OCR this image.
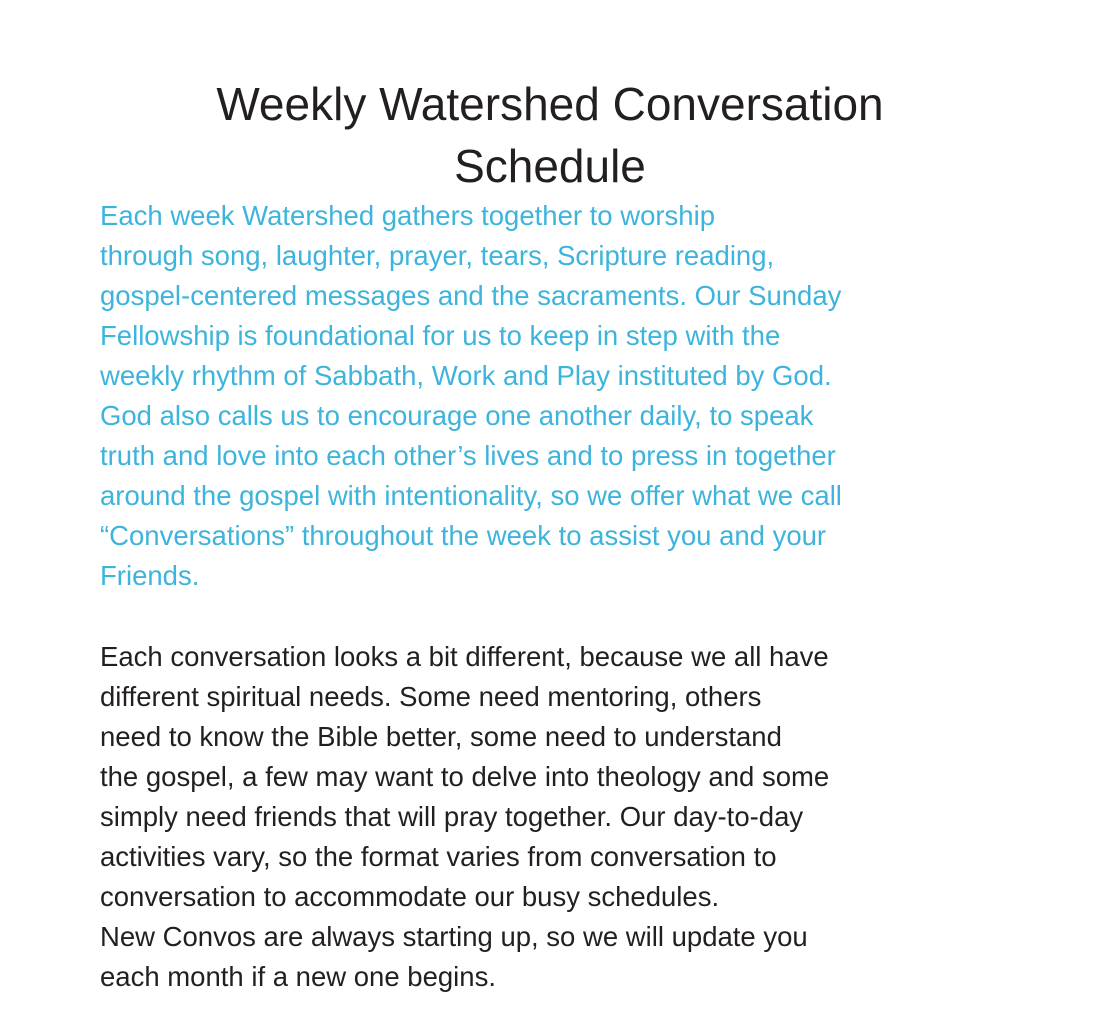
Weekly Watershed Conversation
Schedule

Each week Watershed gathers together to worship
through song, laughter, prayer, tears, Scripture reading,
gospel-centered messages and the sacraments. Our Sunday
Fellowship is foundational for us to keep in step with the
weekly rhythm of Sabbath, Work and Play instituted by God.
God also calls us to encourage one another daily, to speak
truth and love into each other’s lives and to press in together
around the gospel with intentionality, so we offer what we call
“Conversations” throughout the week to assist you and your
Friends.

Each conversation looks a bit different, because we all have
different spiritual needs. Some need mentoring, others
need to know the Bible better, some need to understand
the gospel, a few may want to delve into theology and some
simply need friends that will pray together. Our day-to-day
activities vary, so the format varies from conversation to
conversation to accommodate our busy schedules.
New Convos are always starting up, so we will update you
each month if a new one begins.
